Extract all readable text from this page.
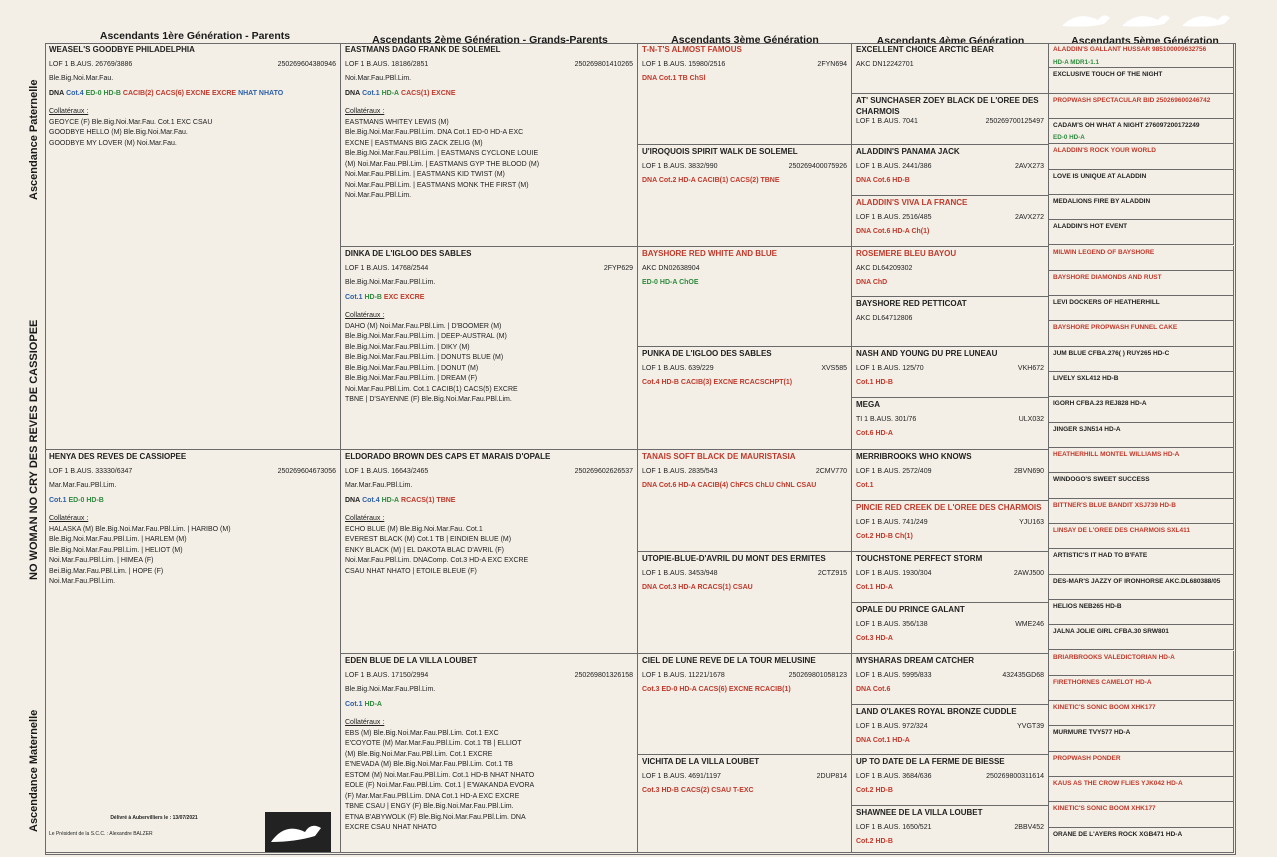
Ascendants 1ère Génération - Parents	Ascendants 2ème Génération - Grands-Parents	Ascendants 3ème Génération	Ascendants 4ème Génération	Ascendants 5ème Génération
Ascendance Paternelle
NO WOMAN NO CRY DES REVES DE CASSIOPEE
Ascendance Maternelle
WEASEL'S GOODBYE PHILADELPHIA
LOF 1 B.AUS. 26769/3886	250269604380946
Ble.Big.Noi.Mar.Fau.
DNA Cot.4 ED-0 HD-B CACIB(2) CACS(6) EXCNE EXCRE NHAT NHATO
Collatéraux :
GEOYCE (F) Ble.Big.Noi.Mar.Fau. Cot.1 EXC CSAU
GOODBYE HELLO (M) Ble.Big.Noi.Mar.Fau.
GOODBYE MY LOVER (M) Noi.Mar.Fau.
HENYA DES REVES DE CASSIOPEE
LOF 1 B.AUS. 33330/6347	250269604673056
Mar.Mar.Fau.PBl.Lim.
Cot.1 ED-0 HD-B
Collatéraux :
HALASKA (M) Ble.Big.Noi.Mar.Fau.PBl.Lim. | HARIBO (M)
Ble.Big.Noi.Mar.Fau.PBl.Lim. | HARLEM (M)
Ble.Big.Noi.Mar.Fau.PBl.Lim. | HELIOT (M)
Noi.Mar.Fau.PBl.Lim. | HIMEA (F)
Bei.Big.Mar.Fau.PBl.Lim. | HOPE (F)
Noi.Mar.Fau.PBl.Lim.
EASTMANS DAGO FRANK DE SOLEMEL
LOF 1 B.AUS. 18186/2851	250269801410265
Noi.Mar.Fau.PBl.Lim.
DNA Cot.1 HD-A CACS(1) EXCNE
Collatéraux :
EASTMANS WHITEY LEWIS (M)
Ble.Big.Noi.Mar.Fau.PBl.Lim. DNA Cot.1 ED-0 HD-A EXC
EXCNE | EASTMANS BIG ZACK ZELIG (M)
Ble.Big.Noi.Mar.Fau.PBl.Lim. | EASTMANS CYCLONE LOUIE
(M) Noi.Mar.Fau.PBl.Lim. | EASTMANS GYP THE BLOOD (M)
Noi.Mar.Fau.PBl.Lim. | EASTMANS KID TWIST (M)
Noi.Mar.Fau.PBl.Lim. | EASTMANS MONK THE FIRST (M)
Noi.Mar.Fau.PBl.Lim.
DINKA DE L'IGLOO DES SABLES
LOF 1 B.AUS. 14768/2544	2FYP629
Ble.Big.Noi.Mar.Fau.PBl.Lim.
Cot.1 HD-B EXC EXCRE
Collatéraux :
DAHO (M) Noi.Mar.Fau.PBl.Lim. | D'BOOMER (M)
Ble.Big.Noi.Mar.Fau.PBl.Lim. | DEEP-AUSTRAL (M)
Ble.Big.Noi.Mar.Fau.PBl.Lim. | DIKY (M)
Ble.Big.Noi.Mar.Fau.PBl.Lim. | DONUTS BLUE (M)
Ble.Big.Noi.Mar.Fau.PBl.Lim. | DONUT (M)
Ble.Big.Noi.Mar.Fau.PBl.Lim. | DREAM (F)
Noi.Mar.Fau.PBl.Lim. Cot.1 CACIB(1) CACS(5) EXCRE
TBNE | D'SAYENNE (F) Ble.Big.Noi.Mar.Fau.PBl.Lim.
ELDORADO BROWN DES CAPS ET MARAIS D'OPALE
LOF 1 B.AUS. 16643/2465	250269602626537
Mar.Mar.Fau.PBl.Lim.
DNA Cot.4 HD-A RCACS(1) TBNE
Collatéraux :
ECHO BLUE (M) Ble.Big.Noi.Mar.Fau. Cot.1
EVEREST BLACK (M) Cot.1 TB | EINDIEN BLUE (M)
ENKY BLACK (M) | EL DAKOTA BLAC D'AVRIL (F)
Noi.Mar.Fau.PBl.Lim. DNAComp. Cot.3 HD-A EXC EXCRE
CSAU NHAT NHATO | ETOILE BLEUE (F)
EDEN BLUE DE LA VILLA LOUBET
LOF 1 B.AUS. 17150/2994	250269801326158
Ble.Big.Noi.Mar.Fau.PBl.Lim.
Cot.1 HD-A
Collatéraux :
EBS (M) Ble.Big.Noi.Mar.Fau.PBl.Lim. Cot.1 EXC
E'COYOTE (M) Mar.Mar.Fau.PBl.Lim. Cot.1 TB | ELLIOT
(M) Ble.Big.Noi.Mar.Fau.PBl.Lim. Cot.1 EXCRE
E'NEVADA (M) Ble.Big.Noi.Mar.Fau.PBl.Lim. Cot.1 TB
ESTOM (M) Noi.Mar.Fau.PBl.Lim. Cot.1 HD-B NHAT NHATO
EOLE (F) Noi.Mar.Fau.PBl.Lim. Cot.1 | E'WAKANDA EVORA
(F) Mar.Mar.Fau.PBl.Lim. DNA Cot.1 HD-A EXC EXCRE
TBNE CSAU | ENGY (F) Ble.Big.Noi.Mar.Fau.PBl.Lim.
ETNA B'ABYWOLK (F) Ble.Big.Noi.Mar.Fau.PBl.Lim. DNA
EXCRE CSAU NHAT NHATO
T-N-T'S ALMOST FAMOUS
LOF 1 B.AUS. 15980/2516	2FYN694
DNA Cot.1 TB ChSl
U'IROQUOIS SPIRIT WALK DE SOLEMEL
LOF 1 B.AUS. 3832/990	250269400075926
DNA Cot.2 HD-A CACIB(1) CACS(2) TBNE
BAYSHORE RED WHITE AND BLUE
AKC DN02638904
ED-0 HD-A ChOE
PUNKA DE L'IGLOO DES SABLES
LOF 1 B.AUS. 639/229	XVS585
Cot.4 HD-B CACIB(3) EXCNE RCACSCHPT(1)
TANAIS SOFT BLACK DE MAURISTASIA
LOF 1 B.AUS. 2835/543	2CMV770
DNA Cot.6 HD-A CACIB(4) ChFCS ChLU ChNL CSAU
UTOPIE-BLUE-D'AVRIL DU MONT DES ERMITES
LOF 1 B.AUS. 3453/948	2CTZ915
DNA Cot.3 HD-A RCACS(1) CSAU
CIEL DE LUNE REVE DE LA TOUR MELUSINE
LOF 1 B.AUS. 11221/1678	250269801058123
Cot.3 ED-0 HD-A CACS(6) EXCNE RCACIB(1)
VICHITA DE LA VILLA LOUBET
LOF 1 B.AUS. 4691/1197	2DUP814
Cot.3 HD-B CACS(2) CSAU T-EXC
EXCELLENT CHOICE ARCTIC BEAR
AKC DN12242701
AT' SUNCHASER ZOEY BLACK DE L'OREE DES CHARMOIS
LOF 1 B.AUS. 7041	250269700125497
ALADDIN'S PANAMA JACK
LOF 1 B.AUS. 2441/386	2AVX273
DNA Cot.6 HD-B
ALADDIN'S VIVA LA FRANCE
LOF 1 B.AUS. 2516/485	2AVX272
DNA Cot.6 HD-A Ch(1)
ROSEMERE BLEU BAYOU
AKC DL64209302
DNA ChD
BAYSHORE RED PETTICOAT
AKC DL64712806
NASH AND YOUNG DU PRE LUNEAU
LOF 1 B.AUS. 125/70	VKH672
Cot.1 HD-B
MEGA
TI 1 B.AUS. 301/76	ULX032
Cot.6 HD-A
MERRIBROOKS WHO KNOWS
LOF 1 B.AUS. 2572/409	2BVN690
Cot.1
PINCIE RED CREEK DE L'OREE DES CHARMOIS
LOF 1 B.AUS. 741/249	YJU163
Cot.2 HD-B Ch(1)
TOUCHSTONE PERFECT STORM
LOF 1 B.AUS. 1930/304	2AWJ500
Cot.1 HD-A
OPALE DU PRINCE GALANT
LOF 1 B.AUS. 356/138	WME246
Cot.3 HD-A
MYSHARAS DREAM CATCHER
LOF 1 B.AUS. 5995/833	432435GD68
DNA Cot.6
LAND O'LAKES ROYAL BRONZE CUDDLE
LOF 1 B.AUS. 972/324	YVGT39
DNA Cot.1 HD-A
UP TO DATE DE LA FERME DE BIESSE
LOF 1 B.AUS. 3684/636	250269800311614
Cot.2 HD-B
SHAWNEE DE LA VILLA LOUBET
LOF 1 B.AUS. 1650/521	2BBV452
Cot.2 HD-B
ALADDIN'S GALLANT HUSSAR 985100009632756
HD-A MDR1-1.1
EXCLUSIVE TOUCH OF THE NIGHT
PROPWASH SPECTACULAR BID 250269600246742
CADAM'S OH WHAT A NIGHT 276097200172249
ED-0 HD-A
ALADDIN'S ROCK YOUR WORLD
LOVE IS UNIQUE AT ALADDIN
MEDALIONS FIRE BY ALADDIN
ALADDIN'S HOT EVENT
MILWIN LEGEND OF BAYSHORE
BAYSHORE DIAMONDS AND RUST
LEVI DOCKERS OF HEATHERHILL
BAYSHORE PROPWASH FUNNEL CAKE
JUM BLUE CFBA.276( ) RUY265 HD-C
LIVELY SXL412 HD-B
IGORH CFBA.23 REJ828 HD-A
JINGER SJN514 HD-A
HEATHERHILL MONTEL WILLIAMS HD-A
WINDOGO'S SWEET SUCCESS
BITTNER'S BLUE BANDIT XSJ739 HD-B
LINSAY DE L'OREE DES CHARMOIS SXL411
ARTISTIC'S IT HAD TO B'FATE
DES-MAR'S JAZZY OF IRONHORSE AKC.DL680388/05
HELIOS NEB265 HD-B
JALNA JOLIE GIRL CFBA.30 SRW801
BRIARBROOKS VALEDICTORIAN HD-A
FIRETHORNES CAMELOT HD-A
KINETIC'S SONIC BOOM XHK177
MURMURE TVY577 HD-A
PROPWASH PONDER
KAUS AS THE CROW FLIES YJK042 HD-A
KINETIC'S SONIC BOOM XHK177
ORANE DE L'AYERS ROCK XGB471 HD-A
Délivré à Aubervilliers le : 13/07/2021
Le Président de la S.C.C. : Alexandre BALZER
